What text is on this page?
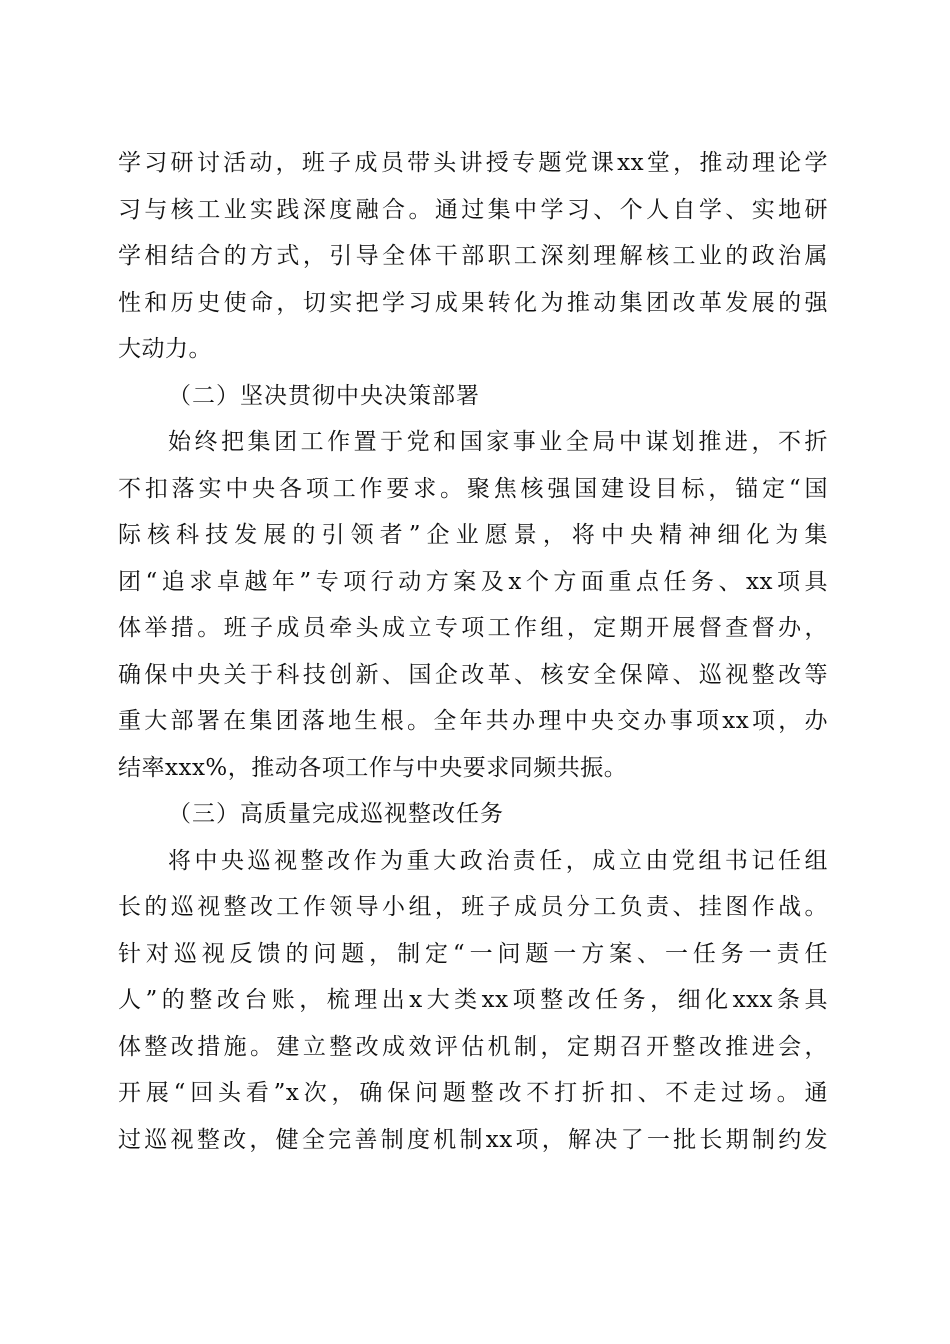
学习研讨活动，班子成员带头讲授专题党课xx堂，推动理论学
习与核工业实践深度融合。通过集中学习、个人自学、实地研
学相结合的方式，引导全体干部职工深刻理解核工业的政治属
性和历史使命，切实把学习成果转化为推动集团改革发展的强
大动力。
（二）坚决贯彻中央决策部署
始终把集团工作置于党和国家事业全局中谋划推进，不折
不扣落实中央各项工作要求。聚焦核强国建设目标，锚定“国
际核科技发展的引领者”企业愿景，将中央精神细化为集
团“追求卓越年”专项行动方案及x个方面重点任务、xx项具
体举措。班子成员牵头成立专项工作组，定期开展督查督办，
确保中央关于科技创新、国企改革、核安全保障、巡视整改等
重大部署在集团落地生根。全年共办理中央交办事项xx项，办
结率xxx%，推动各项工作与中央要求同频共振。
（三）高质量完成巡视整改任务
将中央巡视整改作为重大政治责任，成立由党组书记任组
长的巡视整改工作领导小组，班子成员分工负责、挂图作战。
针对巡视反馈的问题，制定“一问题一方案、一任务一责任
人”的整改台账，梳理出x大类xx项整改任务，细化xxx条具
体整改措施。建立整改成效评估机制，定期召开整改推进会，
开展“回头看”x次，确保问题整改不打折扣、不走过场。通
过巡视整改，健全完善制度机制xx项，解决了一批长期制约发
